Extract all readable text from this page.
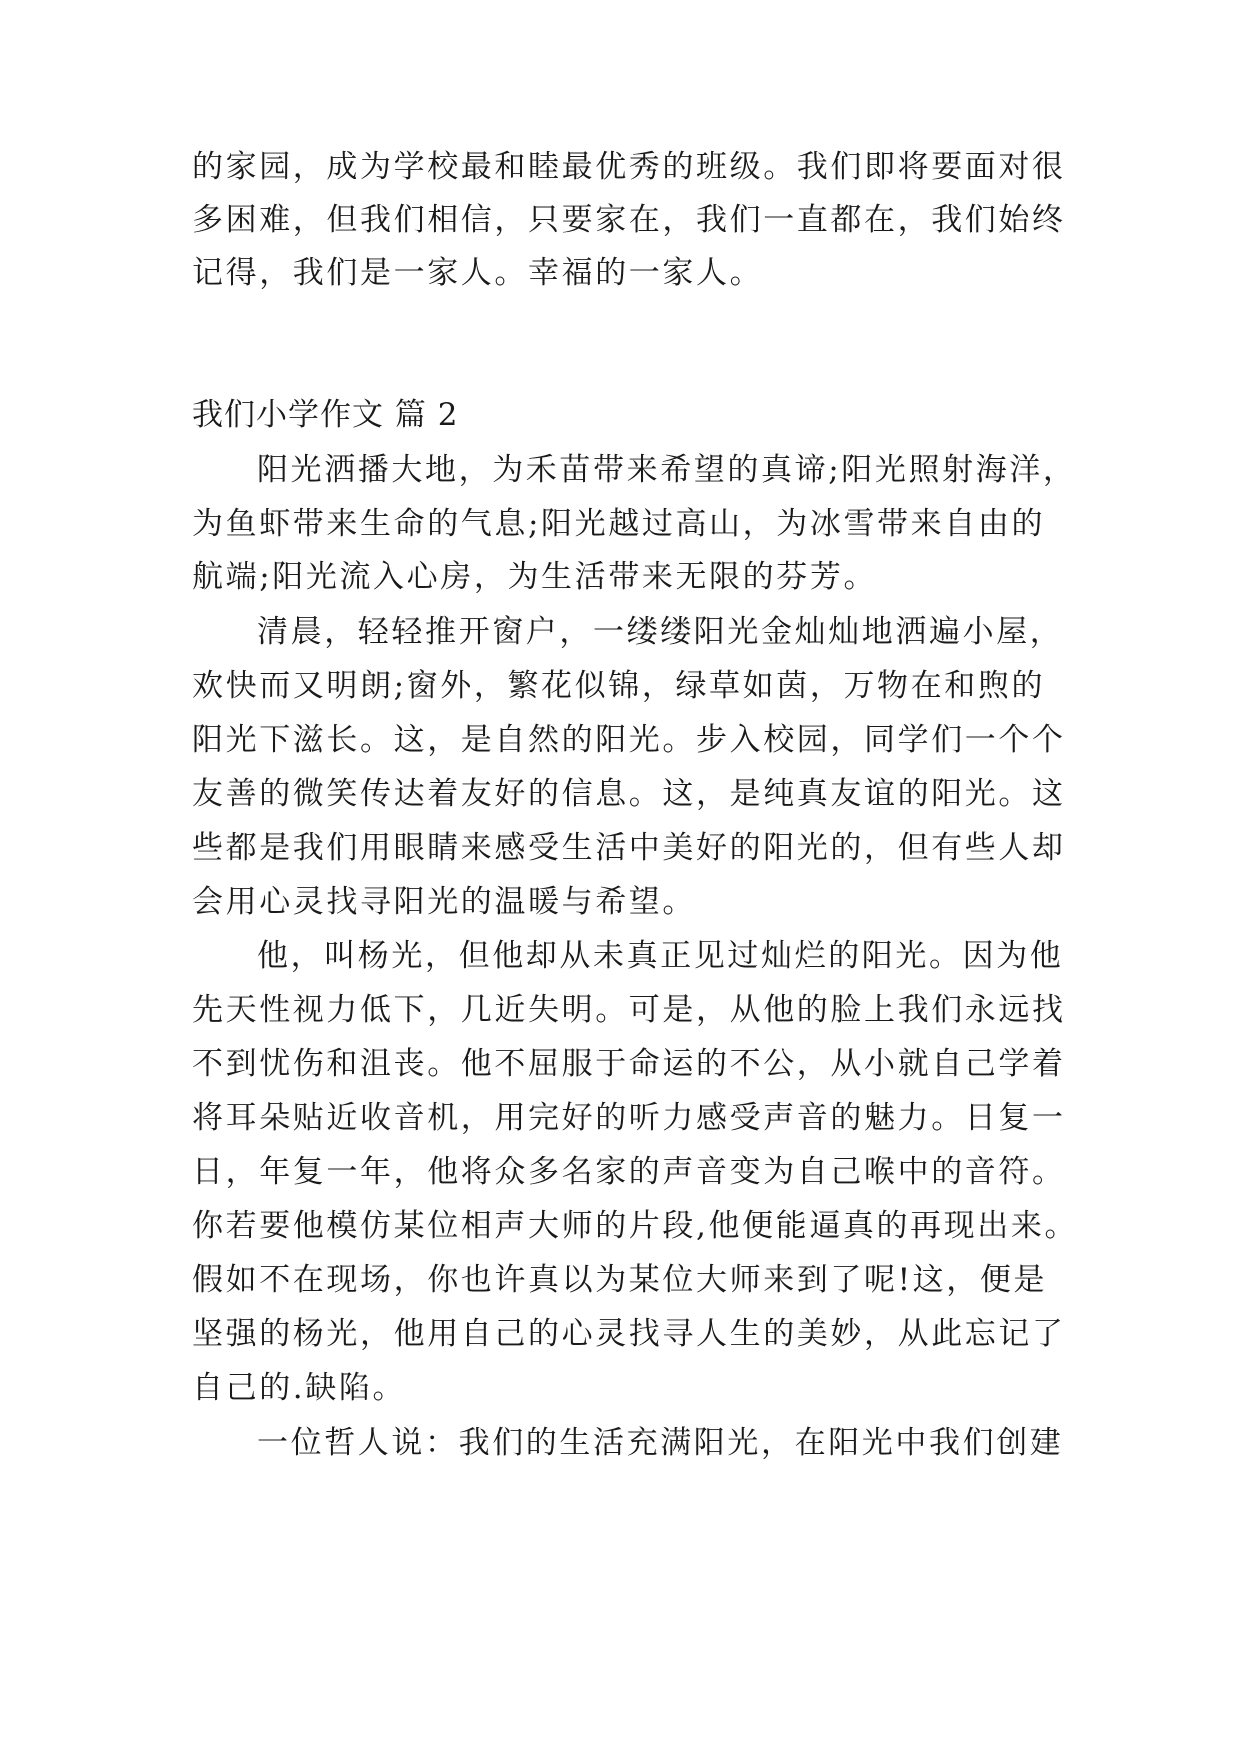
的家园，成为学校最和睦最优秀的班级。我们即将要面对很
多困难，但我们相信，只要家在，我们一直都在，我们始终
记得，我们是一家人。幸福的一家人。
我们小学作文 篇 2
阳光洒播大地，为禾苗带来希望的真谛;阳光照射海洋，
为鱼虾带来生命的气息;阳光越过高山，为冰雪带来自由的
航端;阳光流入心房，为生活带来无限的芬芳。
清晨，轻轻推开窗户，一缕缕阳光金灿灿地洒遍小屋，
欢快而又明朗;窗外，繁花似锦，绿草如茵，万物在和煦的
阳光下滋长。这，是自然的阳光。步入校园，同学们一个个
友善的微笑传达着友好的信息。这，是纯真友谊的阳光。这
些都是我们用眼睛来感受生活中美好的阳光的，但有些人却
会用心灵找寻阳光的温暖与希望。
他，叫杨光，但他却从未真正见过灿烂的阳光。因为他
先天性视力低下，几近失明。可是，从他的脸上我们永远找
不到忧伤和沮丧。他不屈服于命运的不公，从小就自己学着
将耳朵贴近收音机，用完好的听力感受声音的魅力。日复一
日，年复一年，他将众多名家的声音变为自己喉中的音符。
你若要他模仿某位相声大师的片段,他便能逼真的再现出来。
假如不在现场，你也许真以为某位大师来到了呢!这，便是
坚强的杨光，他用自己的心灵找寻人生的美妙，从此忘记了
自己的.缺陷。
一位哲人说：我们的生活充满阳光，在阳光中我们创建
